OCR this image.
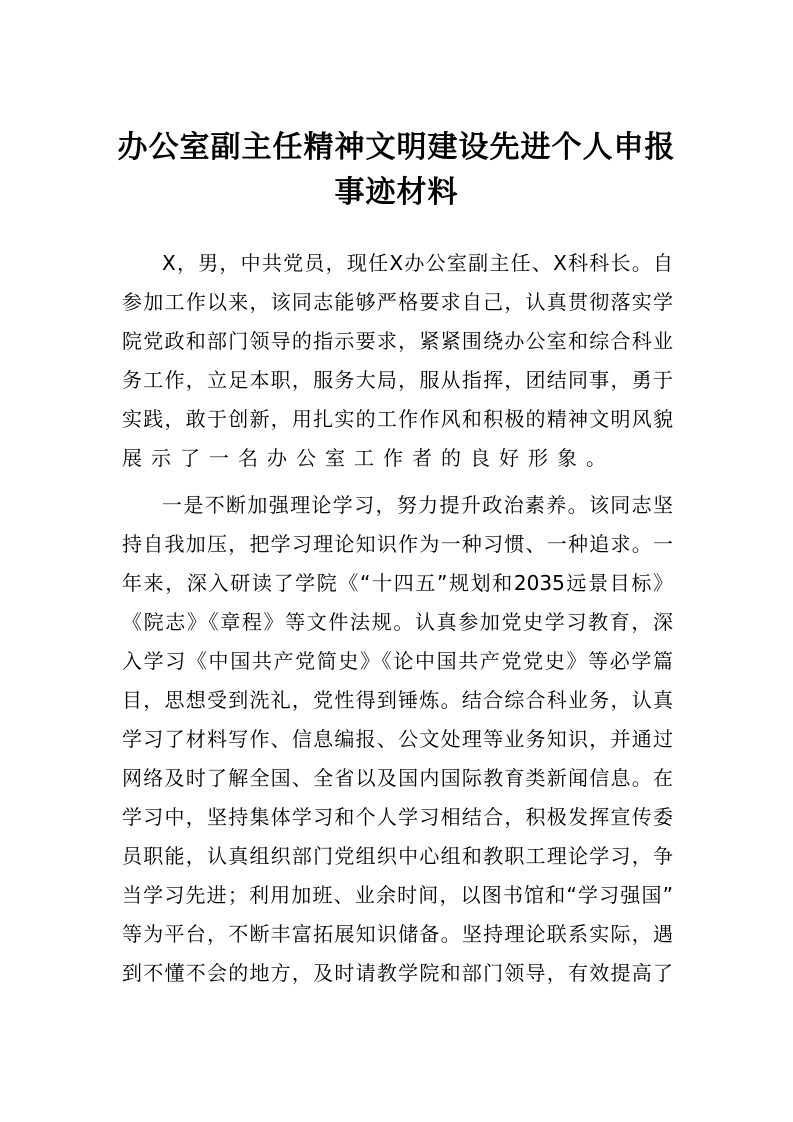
办公室副主任精神文明建设先进个人申报
事迹材料
X，男，中共党员，现任X办公室副主任、X科科长。自
参加工作以来，该同志能够严格要求自己，认真贯彻落实学
院党政和部门领导的指示要求，紧紧围绕办公室和综合科业
务工作，立足本职，服务大局，服从指挥，团结同事，勇于
实践，敢于创新，用扎实的工作作风和积极的精神文明风貌
展示了一名办公室工作者的良好形象。
一是不断加强理论学习，努力提升政治素养。该同志坚
持自我加压，把学习理论知识作为一种习惯、一种追求。一
年来，深入研读了学院《“十四五”规划和2035远景目标》
《院志》《章程》等文件法规。认真参加党史学习教育，深
入学习《中国共产党简史》《论中国共产党党史》等必学篇
目，思想受到洗礼，党性得到锤炼。结合综合科业务，认真
学习了材料写作、信息编报、公文处理等业务知识，并通过
网络及时了解全国、全省以及国内国际教育类新闻信息。在
学习中，坚持集体学习和个人学习相结合，积极发挥宣传委
员职能，认真组织部门党组织中心组和教职工理论学习，争
当学习先进；利用加班、业余时间，以图书馆和“学习强国”
等为平台，不断丰富拓展知识储备。坚持理论联系实际，遇
到不懂不会的地方，及时请教学院和部门领导，有效提高了
